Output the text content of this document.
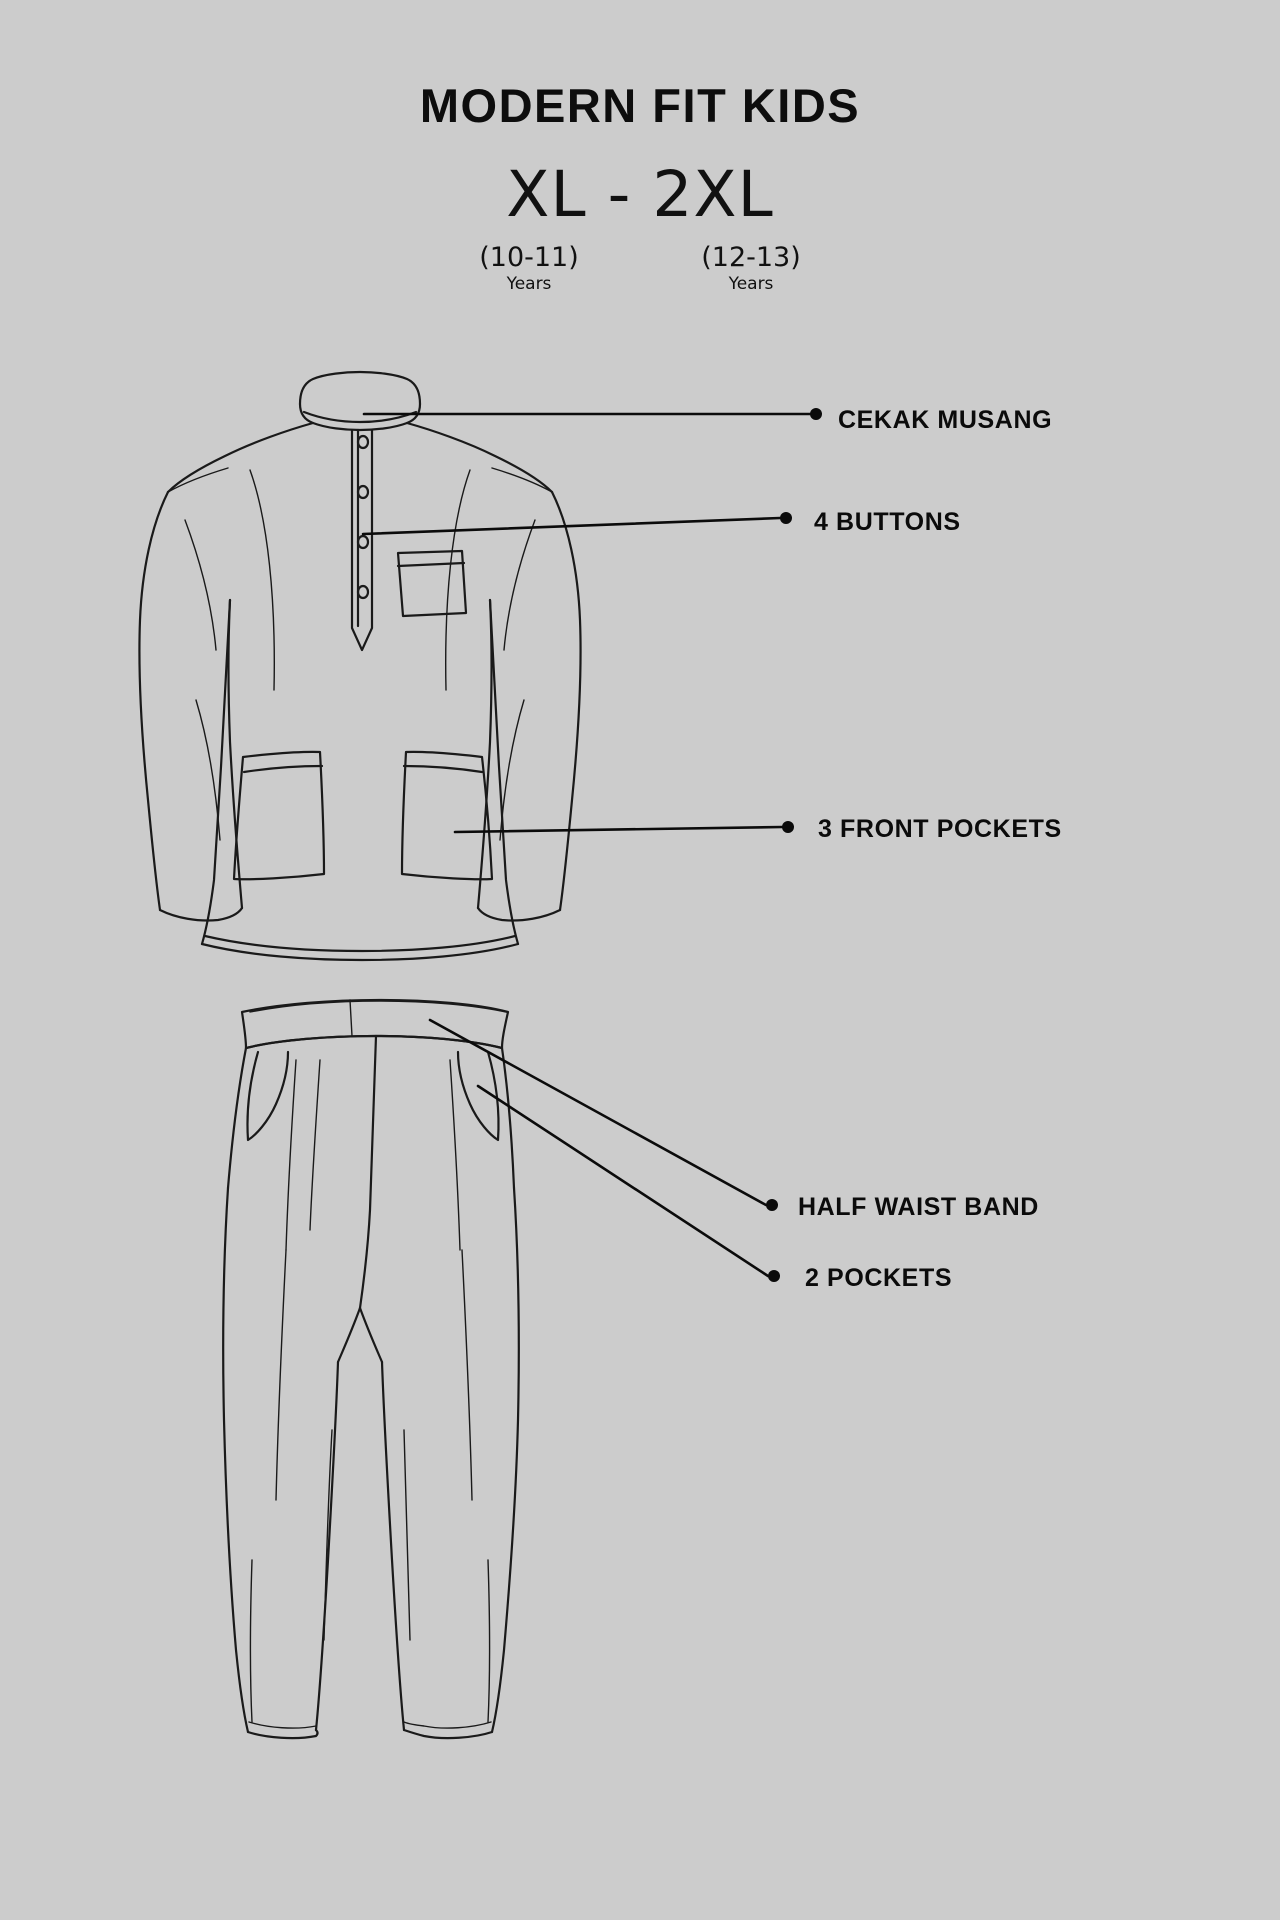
MODERN FIT KIDS
XL - 2XL
(10-11)
Years
(12-13)
Years
CEKAK MUSANG
4 BUTTONS
3 FRONT POCKETS
HALF WAIST BAND
2 POCKETS
